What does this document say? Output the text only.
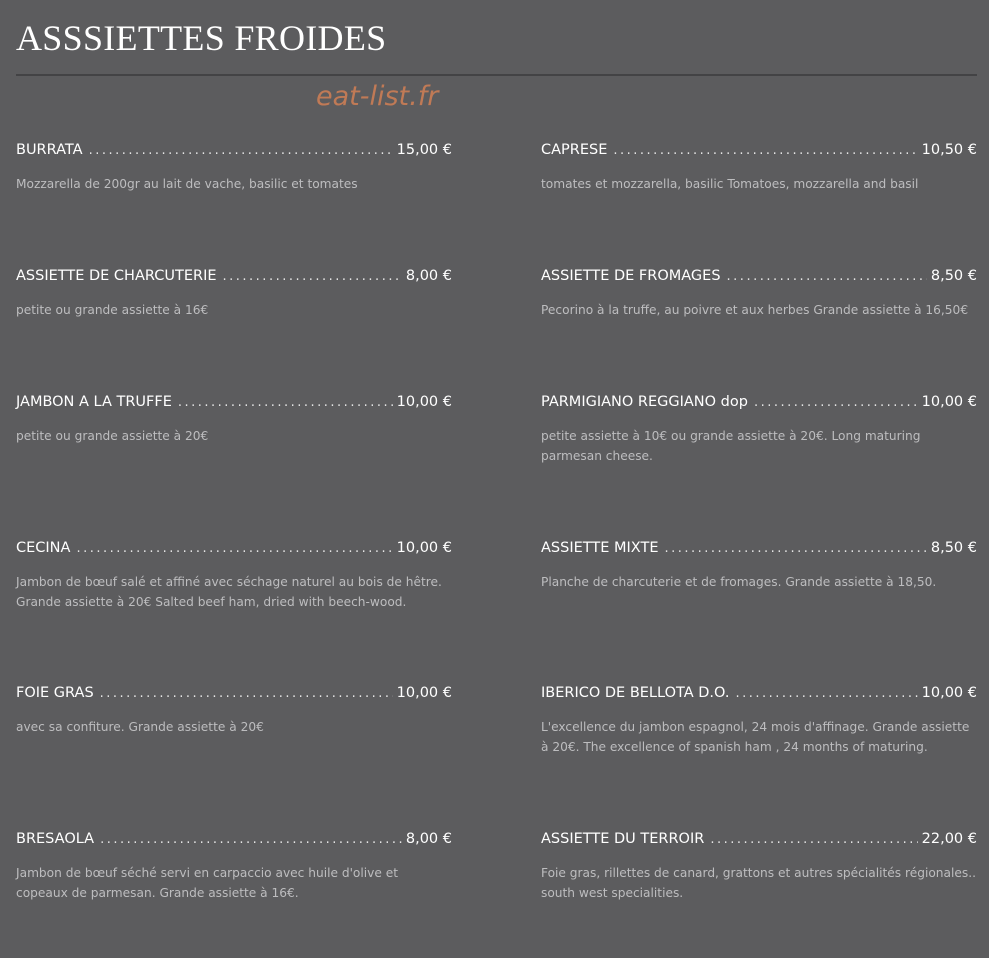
ASSSIETTES FROIDES
eat-list.fr
BURRATA .....	15,00 €

Mozzarella de 200gr au lait de vache, basilic et tomates

CAPRESE .....	10,50 €

tomates et mozzarella, basilic Tomatoes, mozzarella and basil

ASSIETTE DE CHARCUTERIE .....	8,00 €

petite ou grande assiette à 16€

ASSIETTE DE FROMAGES .....	8,50 €

Pecorino à la truffe, au poivre et aux herbes Grande assiette à 16,50€

JAMBON A LA TRUFFE .....	10,00 €

petite ou grande assiette à 20€

PARMIGIANO REGGIANO dop .....	10,00 €

petite assiette à 10€ ou grande assiette à 20€. Long maturing parmesan cheese.

CECINA .....	10,00 €

Jambon de bœuf salé et affiné avec séchage naturel au bois de hêtre. Grande assiette à 20€ Salted beef ham, dried with beech-wood.

ASSIETTE MIXTE .....	8,50 €

Planche de charcuterie et de fromages. Grande assiette à 18,50.

FOIE GRAS .....	10,00 €

avec sa confiture. Grande assiette à 20€

IBERICO DE BELLOTA D.O. .....	10,00 €

L'excellence du jambon espagnol, 24 mois d'affinage. Grande assiette à 20€. The excellence of spanish ham , 24 months of maturing.

BRESAOLA .....	8,00 €

Jambon de bœuf séché servi en carpaccio avec huile d'olive et copeaux de parmesan. Grande assiette à 16€.

ASSIETTE DU TERROIR .....	22,00 €

Foie gras, rillettes de canard, grattons et autres spécialités régionales.. south west specialities.
